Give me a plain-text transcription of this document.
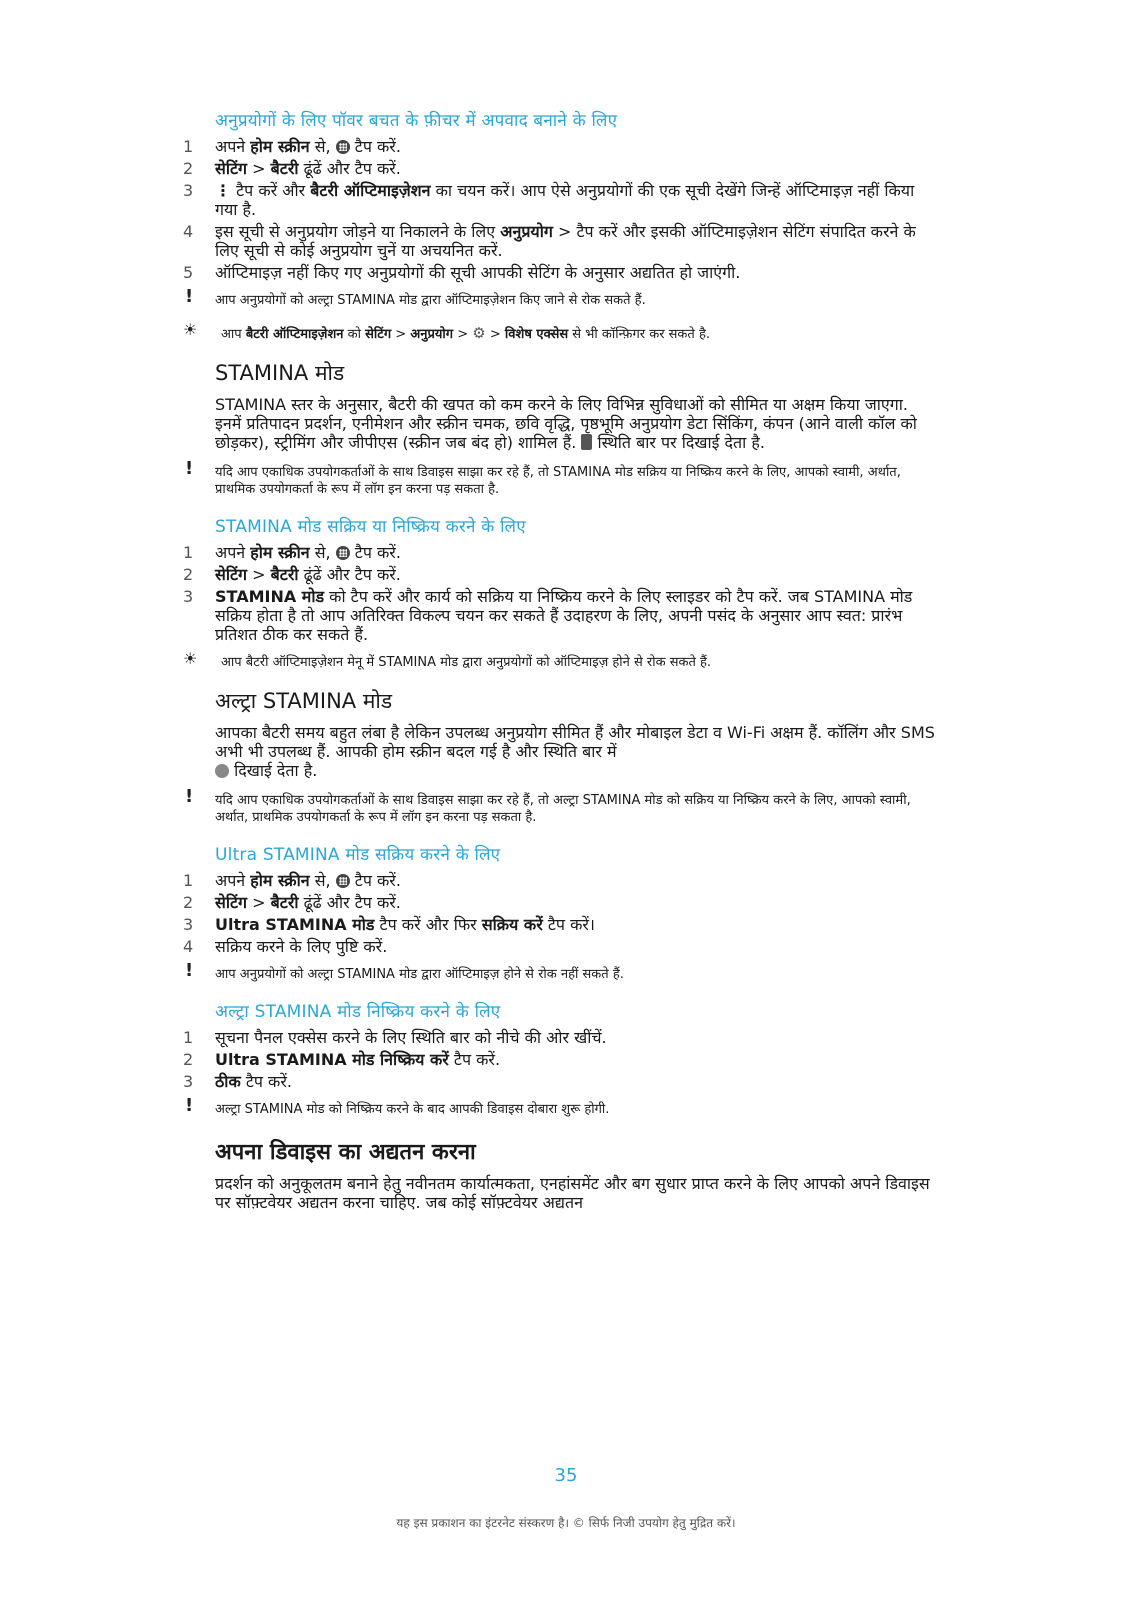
अनुप्रयोगों के लिए पॉवर बचत के फ़ीचर में अपवाद बनाने के लिए
1 अपने होम स्क्रीन से,  टैप करें.
2 सेटिंग > बैटरी ढूंढें और टैप करें.
3 ⋮ टैप करें और बैटरी ऑप्टिमाइज़ेशन का चयन करें। आप ऐसे अनुप्रयोगों की एक सूची देखेंगे जिन्हें ऑप्टिमाइज़ नहीं किया गया है.
4 इस सूची से अनुप्रयोग जोड़ने या निकालने के लिए अनुप्रयोग > टैप करें और इसकी ऑप्टिमाइज़ेशन सेटिंग संपादित करने के लिए सूची से कोई अनुप्रयोग चुनें या अचयनित करें.
5 ऑप्टिमाइज़ नहीं किए गए अनुप्रयोगों की सूची आपकी सेटिंग के अनुसार अद्यतित हो जाएंगी.
! आप अनुप्रयोगों को अल्ट्रा STAMINA मोड द्वारा ऑप्टिमाइज़ेशन किए जाने से रोक सकते हैं.
☀ आप बैटरी ऑप्टिमाइज़ेशन को सेटिंग > अनुप्रयोग > ⚙ > विशेष एक्सेस से भी कॉन्फ़िगर कर सकते है.
STAMINA मोड

STAMINA स्तर के अनुसार, बैटरी की खपत को कम करने के लिए विभिन्न सुविधाओं को सीमित या अक्षम किया जाएगा. इनमें प्रतिपादन प्रदर्शन, एनीमेशन और स्क्रीन चमक, छवि वृद्धि, पृष्ठभूमि अनुप्रयोग डेटा सिंकिंग, कंपन (आने वाली कॉल को छोड़कर), स्ट्रीमिंग और जीपीएस (स्क्रीन जब बंद हो) शामिल हैं.  स्थिति बार पर दिखाई देता है.

! यदि आप एकाधिक उपयोगकर्ताओं के साथ डिवाइस साझा कर रहे हैं, तो STAMINA मोड सक्रिय या निष्क्रिय करने के लिए, आपको स्वामी, अर्थात, प्राथमिक उपयोगकर्ता के रूप में लॉग इन करना पड़ सकता है.
STAMINA मोड सक्रिय या निष्क्रिय करने के लिए
1 अपने होम स्क्रीन से,  टैप करें.
2 सेटिंग > बैटरी ढूंढें और टैप करें.
3 STAMINA मोड को टैप करें और कार्य को सक्रिय या निष्क्रिय करने के लिए स्लाइडर को टैप करें. जब STAMINA मोड सक्रिय होता है तो आप अतिरिक्त विकल्प चयन कर सकते हैं उदाहरण के लिए, अपनी पसंद के अनुसार आप स्वत: प्रारंभ प्रतिशत ठीक कर सकते हैं.
☀ आप बैटरी ऑप्टिमाइज़ेशन मेनू में STAMINA मोड द्वारा अनुप्रयोगों को ऑप्टिमाइज़ होने से रोक सकते हैं.
अल्ट्रा STAMINA मोड

आपका बैटरी समय बहुत लंबा है लेकिन उपलब्ध अनुप्रयोग सीमित हैं और मोबाइल डेटा व Wi-Fi अक्षम हैं. कॉलिंग और SMS अभी भी उपलब्ध हैं. आपकी होम स्क्रीन बदल गई है और स्थिति बार में
दिखाई देता है.

! यदि आप एकाधिक उपयोगकर्ताओं के साथ डिवाइस साझा कर रहे हैं, तो अल्ट्रा STAMINA मोड को सक्रिय या निष्क्रिय करने के लिए, आपको स्वामी, अर्थात, प्राथमिक उपयोगकर्ता के रूप में लॉग इन करना पड़ सकता है.
Ultra STAMINA मोड सक्रिय करने के लिए
1 अपने होम स्क्रीन से,  टैप करें.
2 सेटिंग > बैटरी ढूंढें और टैप करें.
3 Ultra STAMINA मोड टैप करें और फिर सक्रिय करें टैप करें।
4 सक्रिय करने के लिए पुष्टि करें.
! आप अनुप्रयोगों को अल्ट्रा STAMINA मोड द्वारा ऑप्टिमाइज़ होने से रोक नहीं सकते हैं.
अल्ट्रा STAMINA मोड निष्क्रिय करने के लिए
1 सूचना पैनल एक्सेस करने के लिए स्थिति बार को नीचे की ओर खींचें.
2 Ultra STAMINA मोड निष्क्रिय करें टैप करें.
3 ठीक टैप करें.
! अल्ट्रा STAMINA मोड को निष्क्रिय करने के बाद आपकी डिवाइस दोबारा शुरू होगी.
अपना डिवाइस का अद्यतन करना

प्रदर्शन को अनुकूलतम बनाने हेतु नवीनतम कार्यात्मकता, एनहांसमेंट और बग सुधार प्राप्त करने के लिए आपको अपने डिवाइस पर सॉफ़्टवेयर अद्यतन करना चाहिए. जब कोई सॉफ़्टवेयर अद्यतन

35
यह इस प्रकाशन का इंटरनेट संस्करण है। © सिर्फ निजी उपयोग हेतु मुद्रित करें।
